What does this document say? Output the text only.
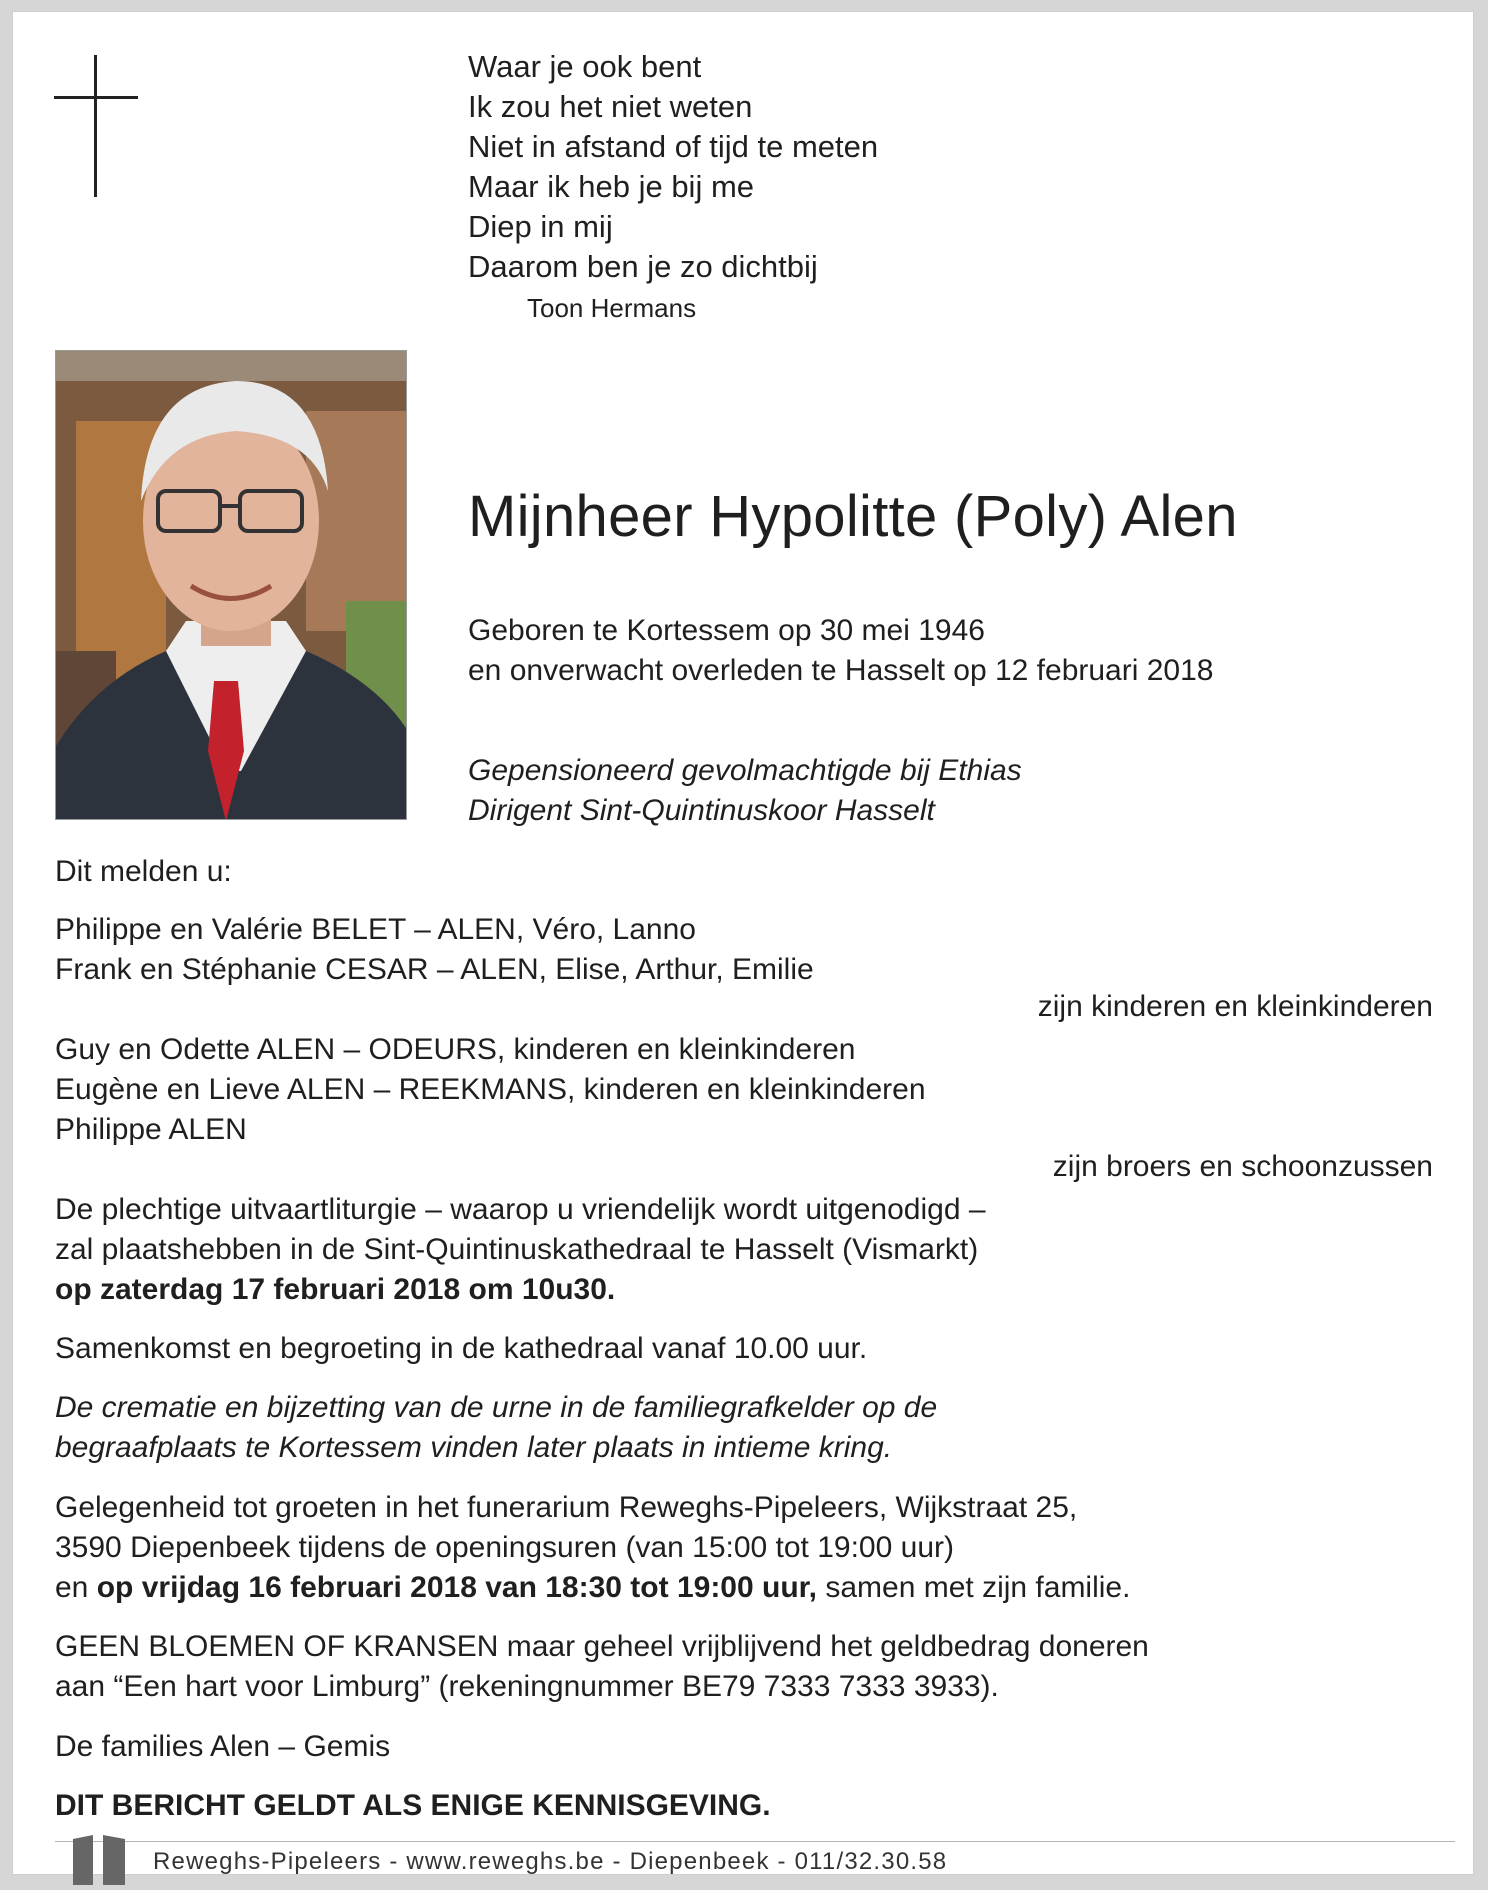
Waar je ook bent
Ik zou het niet weten
Niet in afstand of tijd te meten
Maar ik heb je bij me
Diep in mij
Daarom ben je zo dichtbij
Toon Hermans
Mijnheer Hypolitte (Poly) Alen
Geboren te Kortessem op 30 mei 1946
en onverwacht overleden te Hasselt op 12 februari 2018
Gepensioneerd gevolmachtigde bij Ethias
Dirigent Sint-Quintinuskoor Hasselt
Dit melden u:
Philippe en Valérie BELET – ALEN, Véro, Lanno
Frank en Stéphanie CESAR – ALEN, Elise, Arthur, Emilie
zijn kinderen en kleinkinderen
Guy en Odette ALEN – ODEURS, kinderen en kleinkinderen
Eugène en Lieve ALEN – REEKMANS, kinderen en kleinkinderen
Philippe ALEN
zijn broers en schoonzussen
De plechtige uitvaartliturgie – waarop u vriendelijk wordt uitgenodigd –
zal plaatshebben in de Sint-Quintinuskathedraal te Hasselt (Vismarkt)
op zaterdag 17 februari 2018 om 10u30.
Samenkomst en begroeting in de kathedraal vanaf 10.00 uur.
De crematie en bijzetting van de urne in de familiegrafkelder op de
begraafplaats te Kortessem vinden later plaats in intieme kring.
Gelegenheid tot groeten in het funerarium Reweghs-Pipeleers, Wijkstraat 25,
3590 Diepenbeek tijdens de openingsuren (van 15:00 tot 19:00 uur)
en op vrijdag 16 februari 2018 van 18:30 tot 19:00 uur, samen met zijn familie.
GEEN BLOEMEN OF KRANSEN maar geheel vrijblijvend het geldbedrag doneren
aan “Een hart voor Limburg” (rekeningnummer BE79 7333 7333 3933).
De families Alen – Gemis
DIT BERICHT GELDT ALS ENIGE KENNISGEVING.
Reweghs-Pipeleers - www.reweghs.be - Diepenbeek - 011/32.30.58
